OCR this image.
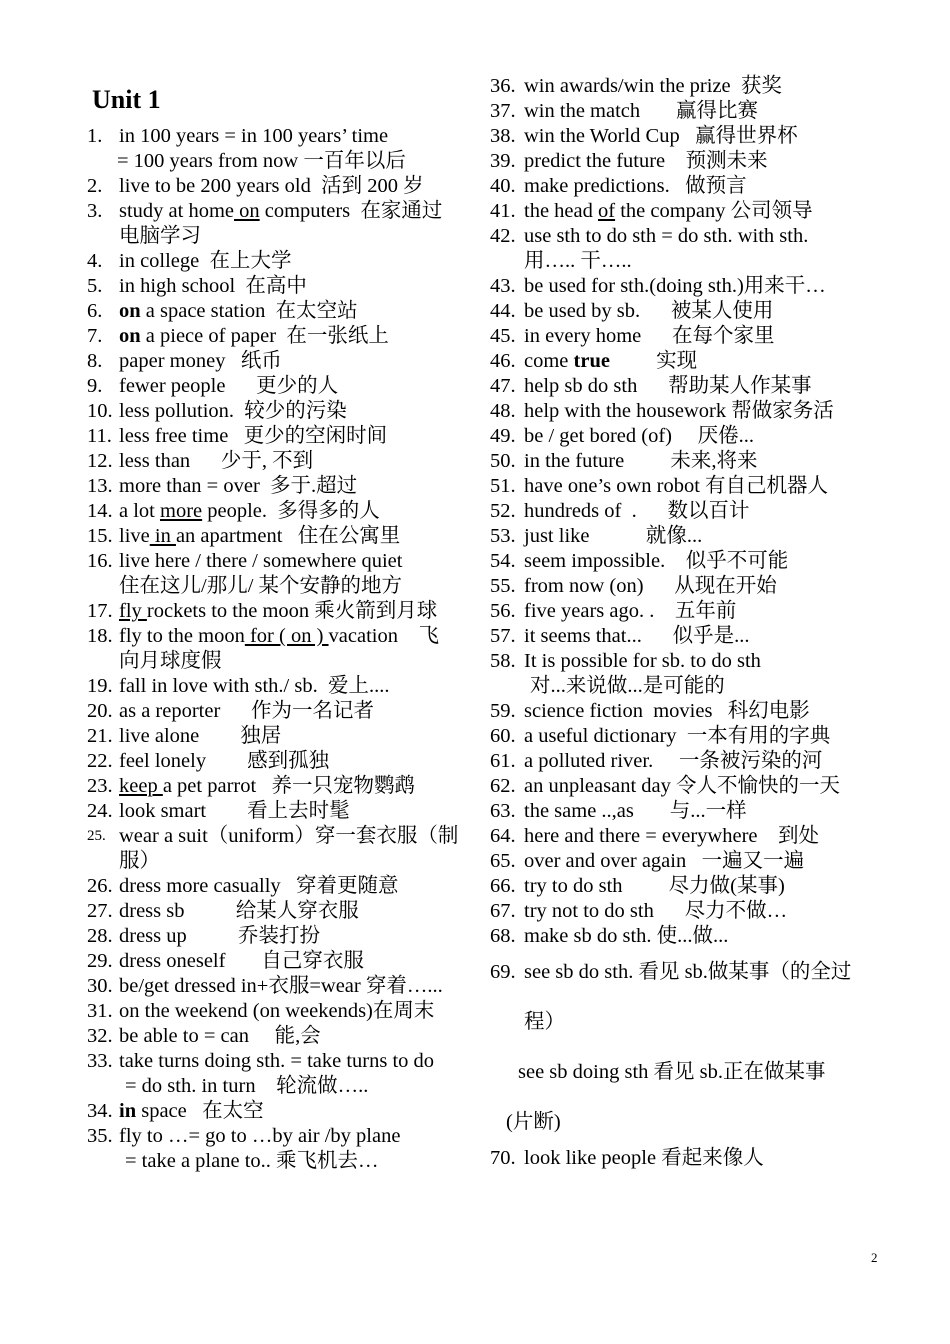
Unit 1
1. in 100 years = in 100 years’ time
= 100 years from now 一百年以后
2. live to be 200 years old  活到 200 岁
3. study at home on computers  在家通过
电脑学习
4. in college  在上大学
5. in high school  在高中
6. on a space station  在太空站
7. on a piece of paper  在一张纸上
8. paper money   纸币
9. fewer people      更少的人
10. less pollution.  较少的污染
11. less free time   更少的空闲时间
12. less than      少于, 不到
13. more than = over  多于.超过
14. a lot more people.  多得多的人
15. live in an apartment   住在公寓里
16. live here / there / somewhere quiet
住在这儿/那儿/ 某个安静的地方
17. fly rockets to the moon 乘火箭到月球
18. fly to the moon for ( on ) vacation    飞
向月球度假
19. fall in love with sth./ sb.  爱上....
20. as a reporter      作为一名记者
21. live alone        独居
22. feel lonely        感到孤独
23. keep a pet parrot   养一只宠物鹦鹉
24. look smart        看上去时髦
25. wear a suit（uniform）穿一套衣服（制
服）
26. dress more casually   穿着更随意
27. dress sb          给某人穿衣服
28. dress up          乔装打扮
29. dress oneself       自己穿衣服
30. be/get dressed in+衣服=wear 穿着…...
31. on the weekend (on weekends)在周末
32. be able to = can     能,会
33. take turns doing sth. = take turns to do
= do sth. in turn    轮流做…..
34. in space   在太空
35. fly to …= go to …by air /by plane
= take a plane to.. 乘飞机去…
36. win awards/win the prize  获奖
37. win the match       赢得比赛
38. win the World Cup   赢得世界杯
39. predict the future    预测未来
40. make predictions.   做预言
41. the head of the company 公司领导
42. use sth to do sth = do sth. with sth.
用….. 干…..
43. be used for sth.(doing sth.)用来干…
44. be used by sb.      被某人使用
45. in every home      在每个家里
46. come true         实现
47. help sb do sth      帮助某人作某事
48. help with the housework 帮做家务活
49. be / get bored (of)     厌倦...
50. in the future         未来,将来
51. have one’s own robot 有自己机器人
52. hundreds of  .      数以百计
53. just like           就像...
54. seem impossible.    似乎不可能
55. from now (on)      从现在开始
56. five years ago. .    五年前
57. it seems that...      似乎是...
58. It is possible for sb. to do sth
对...来说做...是可能的
59. science fiction  movies   科幻电影
60. a useful dictionary  一本有用的字典
61. a polluted river.     一条被污染的河
62. an unpleasant day 令人不愉快的一天
63. the same ..,as       与...一样
64. here and there = everywhere    到处
65. over and over again   一遍又一遍
66. try to do sth         尽力做(某事)
67. try not to do sth      尽力不做…
68. make sb do sth. 使...做...
69. see sb do sth. 看见 sb.做某事（的全过
程）
see sb doing sth 看见 sb.正在做某事
(片断)
70. look like people 看起来像人
2
